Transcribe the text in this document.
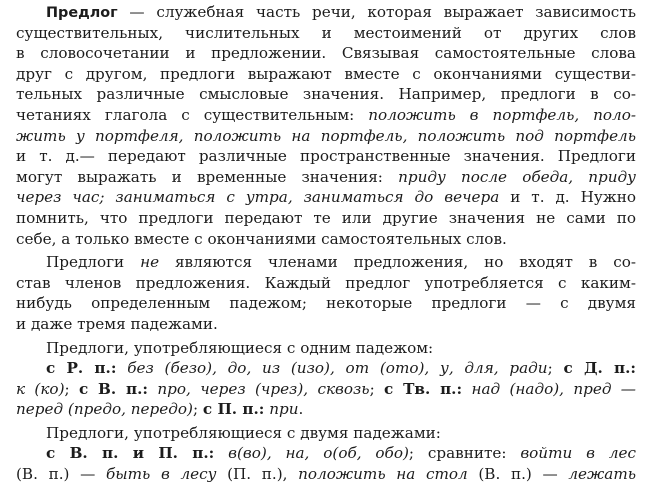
Предлог — служебная часть речи, которая выражает зависимость
существительных, числительных и местоимений от других слов
в словосочетании и предложении. Связывая самостоятельные слова
друг с другом, предлоги выражают вместе с окончаниями существи-
тельных различные смысловые значения. Например, предлоги в со-
четаниях глагола с существительным: положить в портфель, поло-
жить у портфеля, положить на портфель, положить под портфель
и т. д.— передают различные пространственные значения. Предлоги
могут выражать и временные значения: приду после обеда, приду
через час; заниматься с утра, заниматься до вечера и т. д. Нужно
помнить, что предлоги передают те или другие значения не сами по
себе, а только вместе с окончаниями самостоятельных слов.
Предлоги не являются членами предложения, но входят в со-
став членов предложения. Каждый предлог употребляется с каким-
нибудь определенным падежом; некоторые предлоги — с двумя
и даже тремя падежами.
Предлоги, употребляющиеся с одним падежом:
с Р. п.: без (безо), до, из (изо), от (ото), у, для, ради; с Д. п.:
к (ко); с В. п.: про, через (чрез), сквозь; с Тв. п.: над (надо), пред —
перед (предо, передо); с П. п.: при.
Предлоги, употребляющиеся с двумя падежами:
с В. п. и П. п.: в(во), на, о(об, обо); сравните: войти в лес
(В. п.) — быть в лесу (П. п.), положить на стол (В. п.) — лежать
